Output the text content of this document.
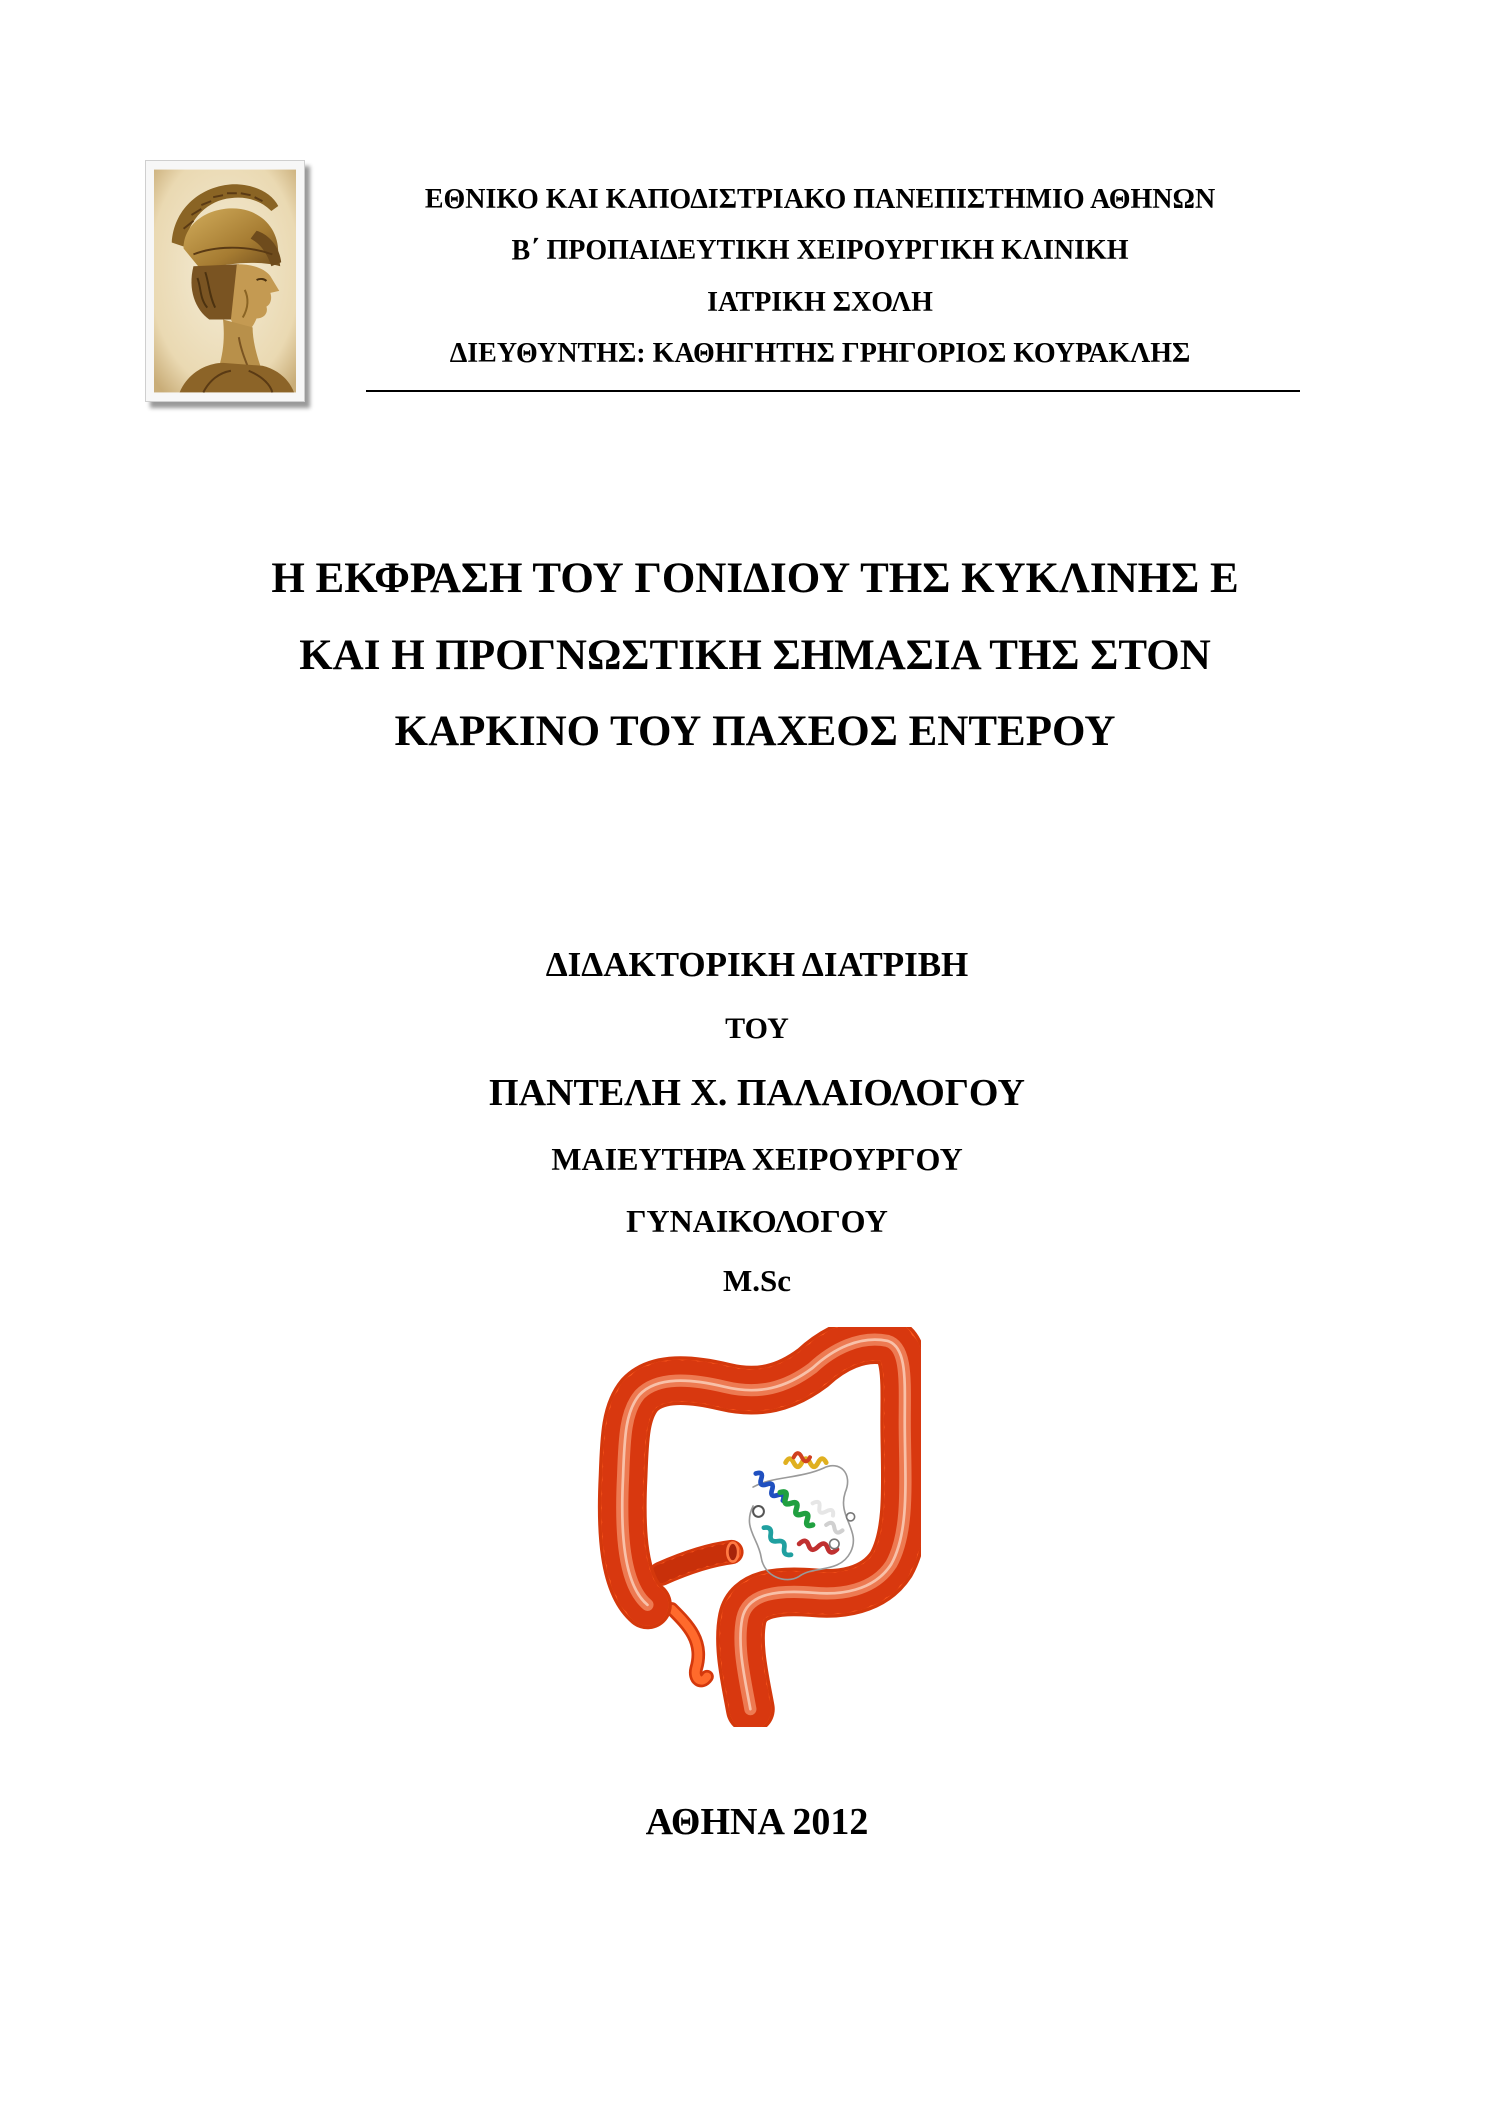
ΕΘΝΙΚΟ ΚΑΙ ΚΑΠΟΔΙΣΤΡΙΑΚΟ ΠΑΝΕΠΙΣΤΗΜΙΟ ΑΘΗΝΩΝ
Β΄ ΠΡΟΠΑΙΔΕΥΤΙΚΗ ΧΕΙΡΟΥΡΓΙΚΗ ΚΛΙΝΙΚΗ
ΙΑΤΡΙΚΗ ΣΧΟΛΗ
ΔΙΕΥΘΥΝΤΗΣ: ΚΑΘΗΓΗΤΗΣ ΓΡΗΓΟΡΙΟΣ ΚΟΥΡΑΚΛΗΣ
Η ΕΚΦΡΑΣΗ ΤΟΥ ΓΟΝΙΔΙΟΥ ΤΗΣ ΚΥΚΛΙΝΗΣ Ε
ΚΑΙ Η ΠΡΟΓΝΩΣΤΙΚΗ ΣΗΜΑΣΙΑ ΤΗΣ ΣΤΟΝ
ΚΑΡΚΙΝΟ ΤΟΥ ΠΑΧΕΟΣ ΕΝΤΕΡΟΥ
ΔΙΔΑΚΤΟΡΙΚΗ ΔΙΑΤΡΙΒΗ
ΤΟΥ
ΠΑΝΤΕΛΗ Χ. ΠΑΛΑΙΟΛΟΓΟΥ
ΜΑΙΕΥΤΗΡΑ ΧΕΙΡΟΥΡΓΟΥ
ΓΥΝΑΙΚΟΛΟΓΟΥ
M.Sc
ΑΘΗΝΑ 2012
